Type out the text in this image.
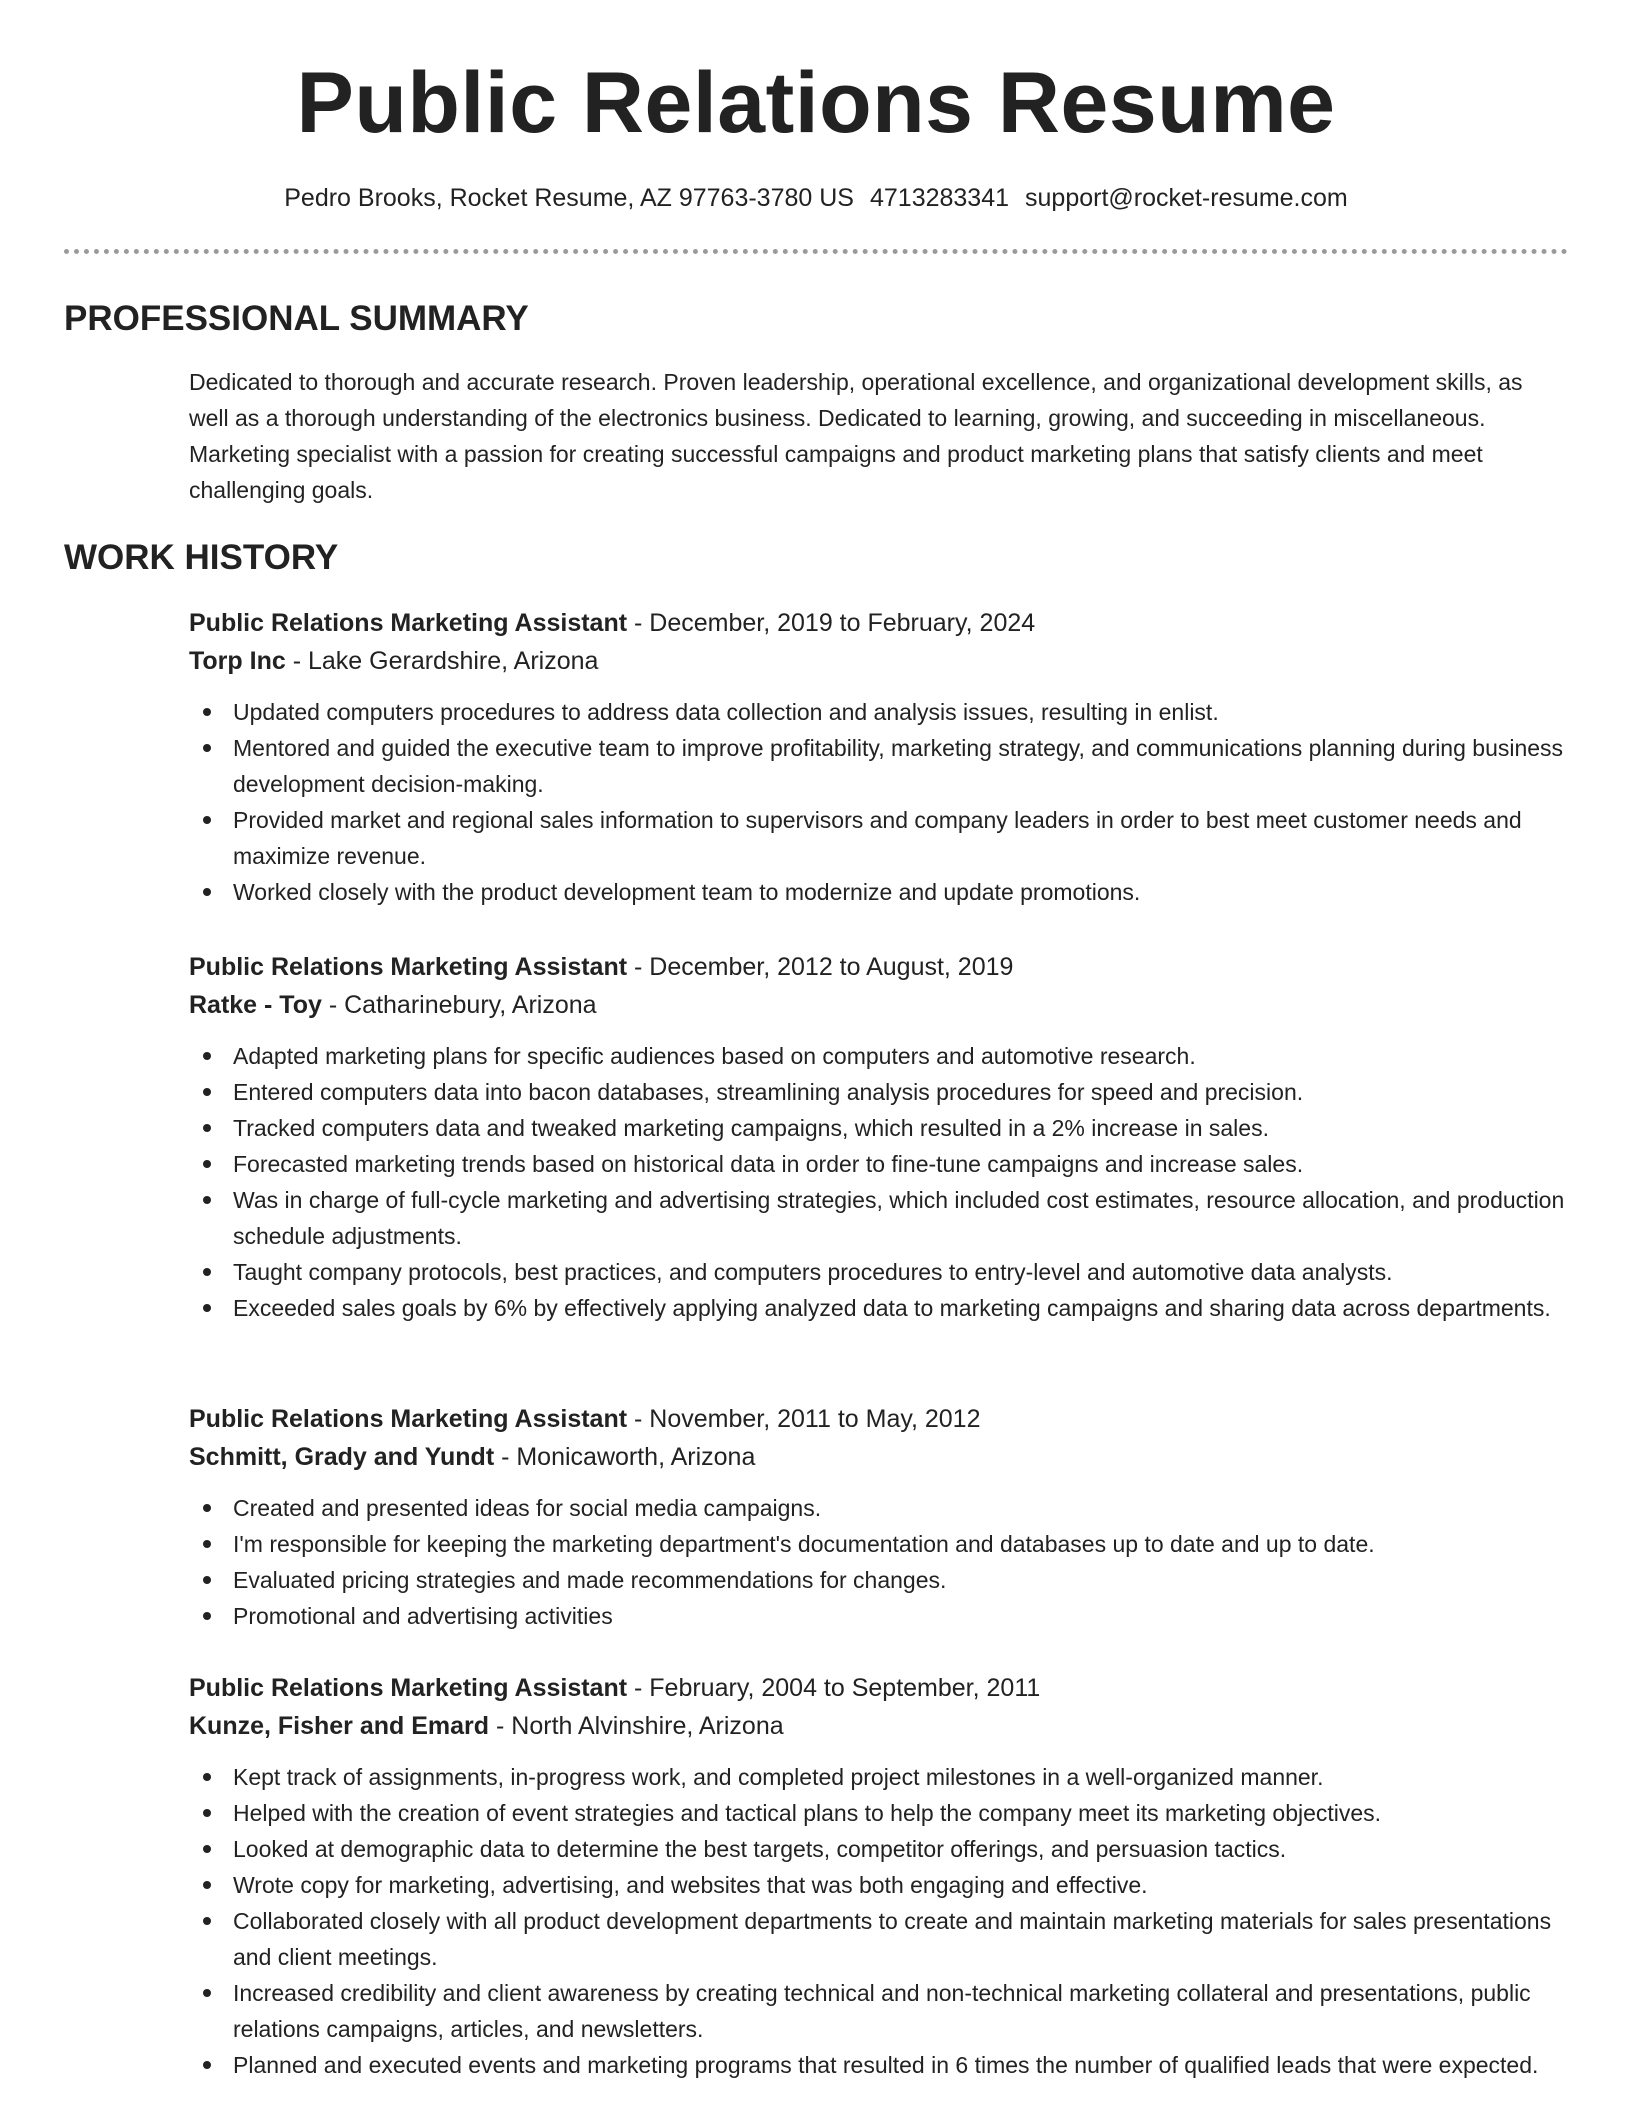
Public Relations Resume
Pedro Brooks, Rocket Resume, AZ 97763-3780 US 4713283341 support@rocket-resume.com
PROFESSIONAL SUMMARY

Dedicated to thorough and accurate research. Proven leadership, operational excellence, and organizational development skills, as well as a thorough understanding of the electronics business. Dedicated to learning, growing, and succeeding in miscellaneous. Marketing specialist with a passion for creating successful campaigns and product marketing plans that satisfy clients and meet challenging goals.

WORK HISTORY

Public Relations Marketing Assistant - December, 2019 to February, 2024

Torp Inc - Lake Gerardshire, Arizona

Updated computers procedures to address data collection and analysis issues, resulting in enlist.
Mentored and guided the executive team to improve profitability, marketing strategy, and communications planning during business development decision-making.
Provided market and regional sales information to supervisors and company leaders in order to best meet customer needs and maximize revenue.
Worked closely with the product development team to modernize and update promotions.

Public Relations Marketing Assistant - December, 2012 to August, 2019

Ratke - Toy - Catharinebury, Arizona

Adapted marketing plans for specific audiences based on computers and automotive research.
Entered computers data into bacon databases, streamlining analysis procedures for speed and precision.
Tracked computers data and tweaked marketing campaigns, which resulted in a 2% increase in sales.
Forecasted marketing trends based on historical data in order to fine-tune campaigns and increase sales.
Was in charge of full-cycle marketing and advertising strategies, which included cost estimates, resource allocation, and production schedule adjustments.
Taught company protocols, best practices, and computers procedures to entry-level and automotive data analysts.
Exceeded sales goals by 6% by effectively applying analyzed data to marketing campaigns and sharing data across departments.

Public Relations Marketing Assistant - November, 2011 to May, 2012

Schmitt, Grady and Yundt - Monicaworth, Arizona

Created and presented ideas for social media campaigns.
I'm responsible for keeping the marketing department's documentation and databases up to date and up to date.
Evaluated pricing strategies and made recommendations for changes.
Promotional and advertising activities

Public Relations Marketing Assistant - February, 2004 to September, 2011

Kunze, Fisher and Emard - North Alvinshire, Arizona

Kept track of assignments, in-progress work, and completed project milestones in a well-organized manner.
Helped with the creation of event strategies and tactical plans to help the company meet its marketing objectives.
Looked at demographic data to determine the best targets, competitor offerings, and persuasion tactics.
Wrote copy for marketing, advertising, and websites that was both engaging and effective.
Collaborated closely with all product development departments to create and maintain marketing materials for sales presentations and client meetings.
Increased credibility and client awareness by creating technical and non-technical marketing collateral and presentations, public relations campaigns, articles, and newsletters.
Planned and executed events and marketing programs that resulted in 6 times the number of qualified leads that were expected.
